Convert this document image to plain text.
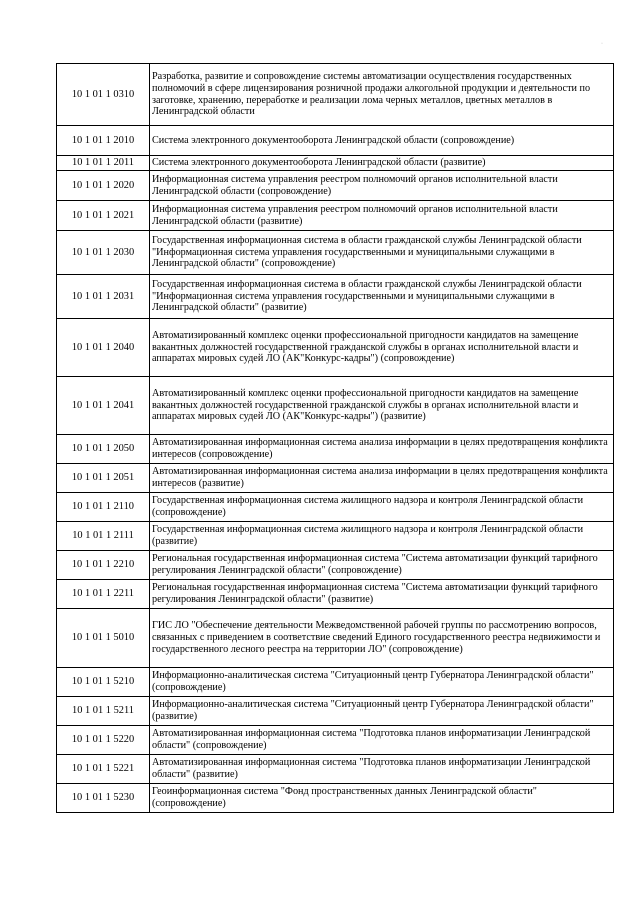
·
10 1 01 1 0310	Разработка, развитие и сопровождение системы автоматизации осуществления государственных полномочий в сфере лицензирования розничной продажи алкогольной продукции и деятельности по заготовке, хранению, переработке и реализации лома черных металлов, цветных металлов в Ленинградской области
10 1 01 1 2010	Система электронного документооборота Ленинградской области (сопровождение)
10 1 01 1 2011	Система электронного документооборота Ленинградской области (развитие)
10 1 01 1 2020	Информационная система управления реестром полномочий органов исполнительной власти Ленинградской области (сопровождение)
10 1 01 1 2021	Информационная система управления реестром полномочий органов исполнительной власти Ленинградской области (развитие)
10 1 01 1 2030	Государственная информационная система в области гражданской службы Ленинградской области "Информационная система управления государственными и муниципальными служащими в Ленинградской области" (сопровождение)
10 1 01 1 2031	Государственная информационная система в области гражданской службы Ленинградской области "Информационная система управления государственными и муниципальными служащими в Ленинградской области" (развитие)
10 1 01 1 2040	Автоматизированный комплекс оценки профессиональной пригодности кандидатов на замещение вакантных должностей государственной гражданской службы в органах исполнительной власти и аппаратах мировых судей ЛО (АК"Конкурс-кадры") (сопровождение)
10 1 01 1 2041	Автоматизированный комплекс оценки профессиональной пригодности кандидатов на замещение вакантных должностей государственной гражданской службы в органах исполнительной власти и аппаратах мировых судей ЛО (АК"Конкурс-кадры") (развитие)
10 1 01 1 2050	Автоматизированная информационная система анализа информации в целях предотвращения конфликта интересов (сопровождение)
10 1 01 1 2051	Автоматизированная информационная система анализа информации в целях предотвращения конфликта интересов (развитие)
10 1 01 1 2110	Государственная информационная система жилищного надзора и контроля Ленинградской области (сопровождение)
10 1 01 1 2111	Государственная информационная система жилищного надзора и контроля Ленинградской области (развитие)
10 1 01 1 2210	Региональная государственная информационная система "Система автоматизации функций тарифного регулирования Ленинградской области" (сопровождение)
10 1 01 1 2211	Региональная государственная информационная система "Система автоматизации функций тарифного регулирования Ленинградской области" (развитие)
10 1 01 1 5010	ГИС ЛО "Обеспечение деятельности Межведомственной рабочей группы по рассмотрению вопросов, связанных с приведением в соответствие сведений Единого государственного реестра недвижимости и государственного лесного реестра на территории ЛО" (сопровождение)
10 1 01 1 5210	Информационно-аналитическая система "Ситуационный центр Губернатора Ленинградской области" (сопровождение)
10 1 01 1 5211	Информационно-аналитическая система "Ситуационный центр Губернатора Ленинградской области" (развитие)
10 1 01 1 5220	Автоматизированная информационная система "Подготовка планов информатизации Ленинградской области" (сопровождение)
10 1 01 1 5221	Автоматизированная информационная система "Подготовка планов информатизации Ленинградской области" (развитие)
10 1 01 1 5230	Геоинформационная система "Фонд пространственных данных Ленинградской области" (сопровождение)
